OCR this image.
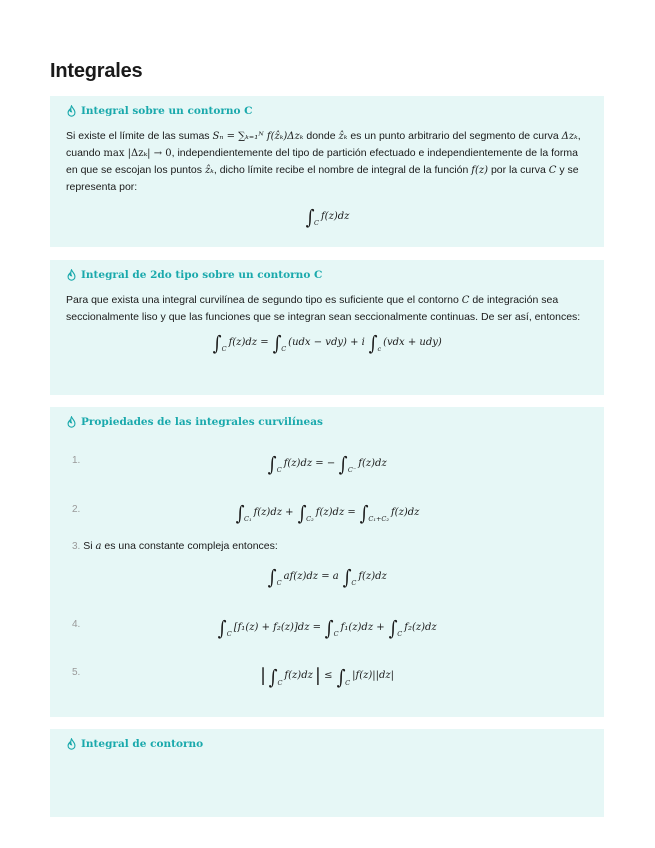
Integrales
Integral sobre un contorno C
Si existe el límite de las sumas Sₙ = ∑ₖ₌₁ᴺ f(ẑₖ)Δzₖ donde ẑₖ es un punto arbitrario del segmento de curva Δzₖ, cuando max |Δzₖ| → 0, independientemente del tipo de partición efectuado e independientemente de la forma en que se escojan los puntos ẑₖ, dicho límite recibe el nombre de integral de la función f(z) por la curva C y se representa por:
∫ C
f(z)dz
Integral de 2do tipo sobre un contorno C
Para que exista una integral curvilínea de segundo tipo es suficiente que el contorno C de integración sea seccionalmente liso y que las funciones que se integran sean seccionalmente continuas. De ser así, entonces:
∫ C
f(z)dz =
∫ C
(udx − vdy) + i
∫ c
(vdx + udy)
Propiedades de las integrales curvilíneas
1.	∫ C
f(z)dz = −
∫ C⁻
f(z)dz
2.	∫ C₁
f(z)dz +
∫ C₂
f(z)dz =
∫ C₁+C₂
f(z)dz
3. Si a es una constante compleja entonces:
∫ C
af(z)dz = a
∫ C
f(z)dz
4.	∫ C
[f₁(z) + f₂(z)]dz =
∫ C
f₁(z)dz +
∫ C
f₂(z)dz
5.	| ∫ C
f(z)dz |
≤
∫ C
|f(z)||dz|
Integral de contorno
